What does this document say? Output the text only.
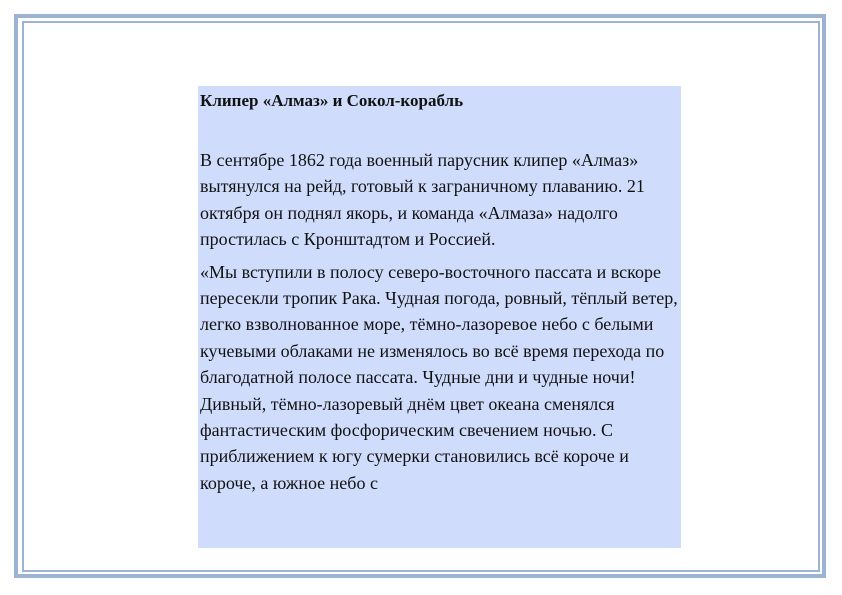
Клипер «Алмаз» и Сокол-корабль

В сентябре 1862 года военный парусник клипер «Алмаз» вытянулся на рейд, готовый к заграничному плаванию. 21 октября он поднял якорь, и команда «Алмаза» надолго простилась с Кронштадтом и Россией.

«Мы вступили в полосу северо-восточного пассата и вскоре пересекли тропик Рака. Чудная погода, ровный, тёплый ветер, легко взволнованное море, тёмно-лазоревое небо с белыми кучевыми облаками не изменялось во всё время перехода по благодатной полосе пассата. Чудные дни и чудные ночи! Дивный, тёмно-лазоревый днём цвет океана сменялся фантастическим фосфорическим свечением ночью. С приближением к югу сумерки становились всё короче и короче, а южное небо с
